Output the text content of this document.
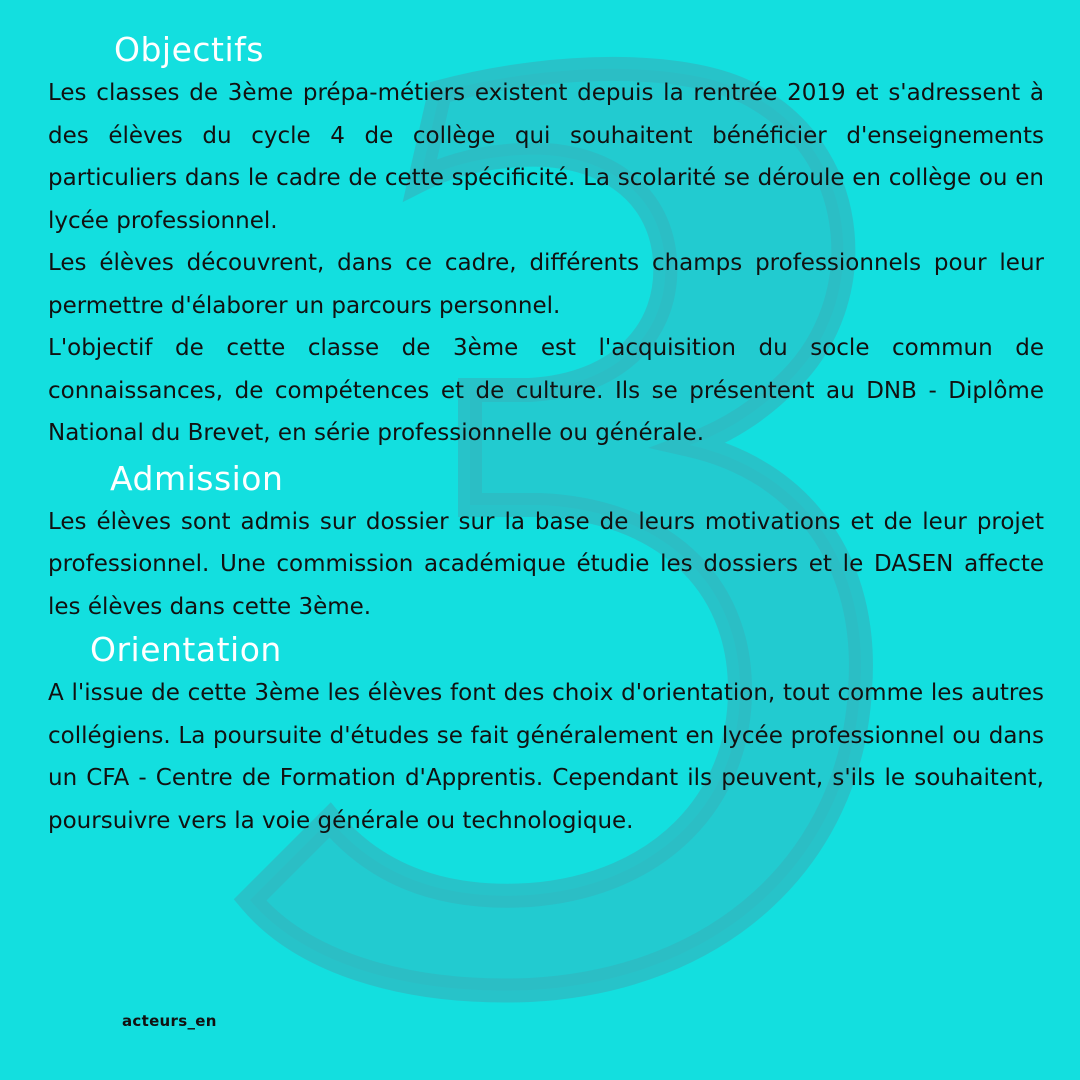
Objectifs

Les classes de 3ème prépa-métiers existent depuis la rentrée 2019 et s'adressent à des élèves du cycle 4 de collège qui souhaitent bénéficier d'enseignements particuliers dans le cadre de cette spécificité. La scolarité se déroule en collège ou en lycée professionnel.

Les élèves découvrent, dans ce cadre, différents champs professionnels pour leur permettre d'élaborer un parcours personnel.

L'objectif de cette classe de 3ème est l'acquisition du socle commun de connaissances, de compétences et de culture. Ils se présentent au DNB - Diplôme National du Brevet, en série professionnelle ou générale.

Admission

Les élèves sont admis sur dossier sur la base de leurs motivations et de leur projet professionnel. Une commission académique étudie les dossiers et le DASEN affecte les élèves dans cette 3ème.

Orientation

A l'issue de cette 3ème les élèves font des choix d'orientation, tout comme les autres collégiens. La poursuite d'études se fait généralement en lycée professionnel ou dans un CFA - Centre de Formation d'Apprentis. Cependant ils peuvent, s'ils le souhaitent, poursuivre vers la voie générale ou technologique.

acteurs_en
